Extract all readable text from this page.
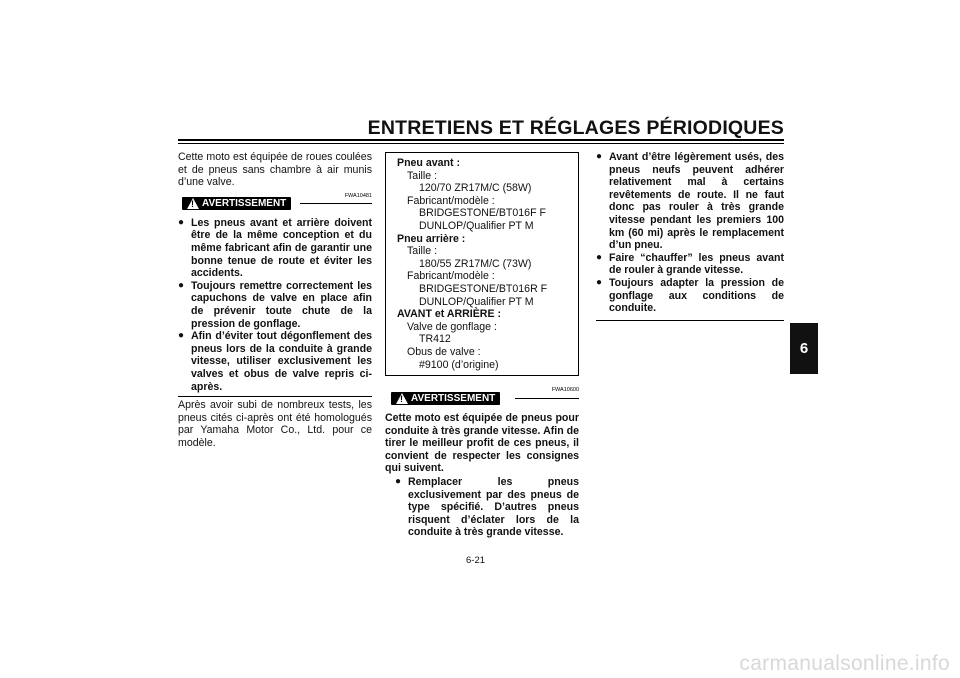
ENTRETIENS ET RÉGLAGES PÉRIODIQUES
6
Cette moto est équipée de roues coulées et de pneus sans chambre à air munis d’une valve.
FWA10481
! AVERTISSEMENT
● Les pneus avant et arrière doivent être de la même conception et du même fabricant afin de garantir une bonne tenue de route et éviter les accidents.
● Toujours remettre correctement les capuchons de valve en place afin de prévenir toute chute de la pression de gonflage.
● Afin d’éviter tout dégonflement des pneus lors de la conduite à grande vitesse, utiliser exclusivement les valves et obus de valve repris ci-après.
Après avoir subi de nombreux tests, les pneus cités ci-après ont été homologués par Yamaha Motor Co., Ltd. pour ce modèle.
Pneu avant :
Taille :
120/70 ZR17M/C (58W)
Fabricant/modèle :
BRIDGESTONE/BT016F F
DUNLOP/Qualifier PT M
Pneu arrière :
Taille :
180/55 ZR17M/C (73W)
Fabricant/modèle :
BRIDGESTONE/BT016R F
DUNLOP/Qualifier PT M
AVANT et ARRIÈRE :
Valve de gonflage :
TR412
Obus de valve :
#9100 (d’origine)
FWA10600
! AVERTISSEMENT
Cette moto est équipée de pneus pour conduite à très grande vitesse. Afin de tirer le meilleur profit de ces pneus, il convient de respecter les consignes qui suivent.
● Remplacer les pneus exclusivement par des pneus de type spécifié. D’autres pneus risquent d’éclater lors de la conduite à très grande vitesse.
● Avant d’être légèrement usés, des pneus neufs peuvent adhérer relativement mal à certains revêtements de route. Il ne faut donc pas rouler à très grande vitesse pendant les premiers 100 km (60 mi) après le remplacement d’un pneu.
● Faire “chauffer” les pneus avant de rouler à grande vitesse.
● Toujours adapter la pression de gonflage aux conditions de conduite.
6-21
carmanualsonline.info
